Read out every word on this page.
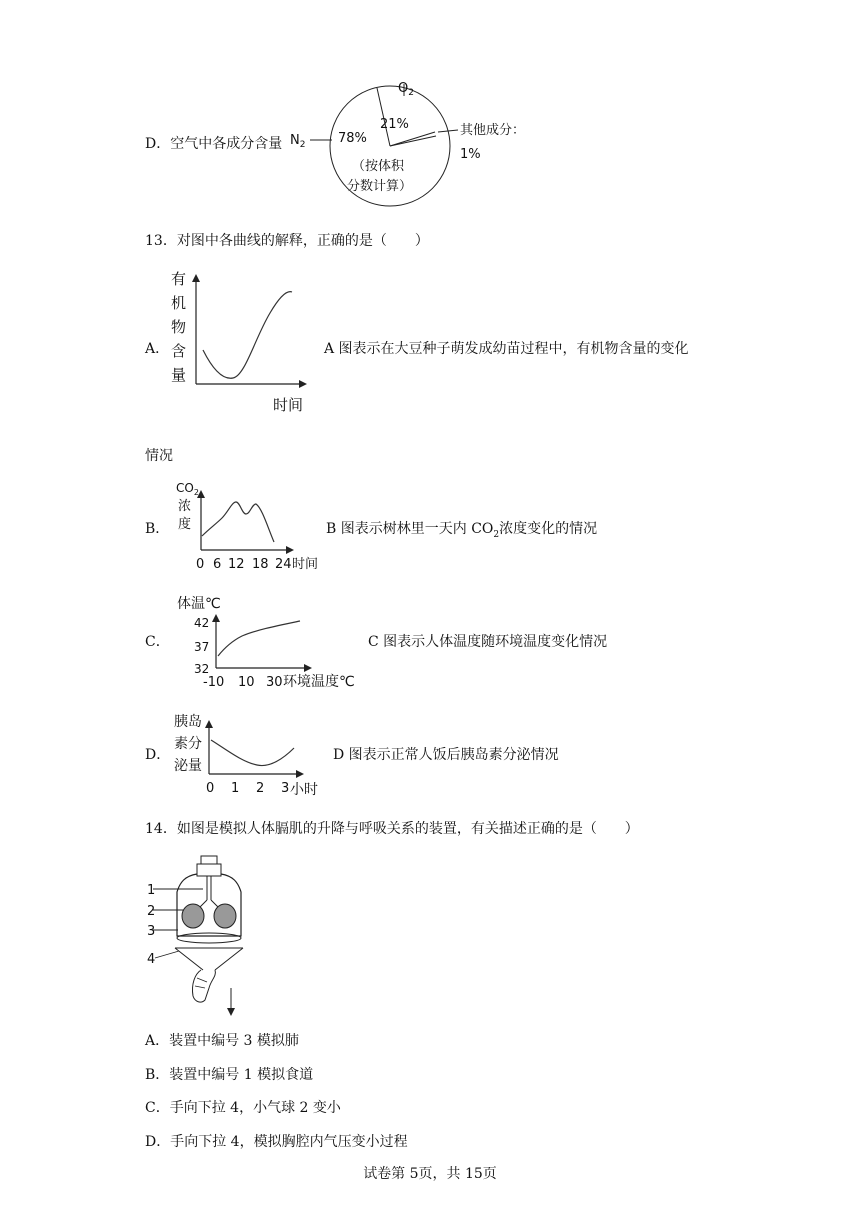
D．空气中各成分含量 $N_2$	78%
$O_2$
21%	其他成分：
1%
（按体积
分数计算）
13．对图中各曲线的解释，正确的是（　　）
A．
有
机
物
含
量
时间
A 图表示在大豆种子萌发成幼苗过程中，有机物含量的变化
情况
B．
$CO_2$
浓
度
0 6 12 18 24 时间
B 图表示树林里一天内 $CO_2$浓度变化的情况
C．
体温℃
42
37
32
-10 10 30 环境温度℃
C 图表示人体温度随环境温度变化情况
D．
胰岛
素分
泌量
0 1 2 3 小时
D 图表示正常人饭后胰岛素分泌情况
14．如图是模拟人体膈肌的升降与呼吸关系的装置，有关描述正确的是（　　）
1
2
3
4
A．装置中编号 3 模拟肺
B．装置中编号 1 模拟食道
C．手向下拉 4，小气球 2 变小
D．手向下拉 4，模拟胸腔内气压变小过程
试卷第 5页，共 15页
